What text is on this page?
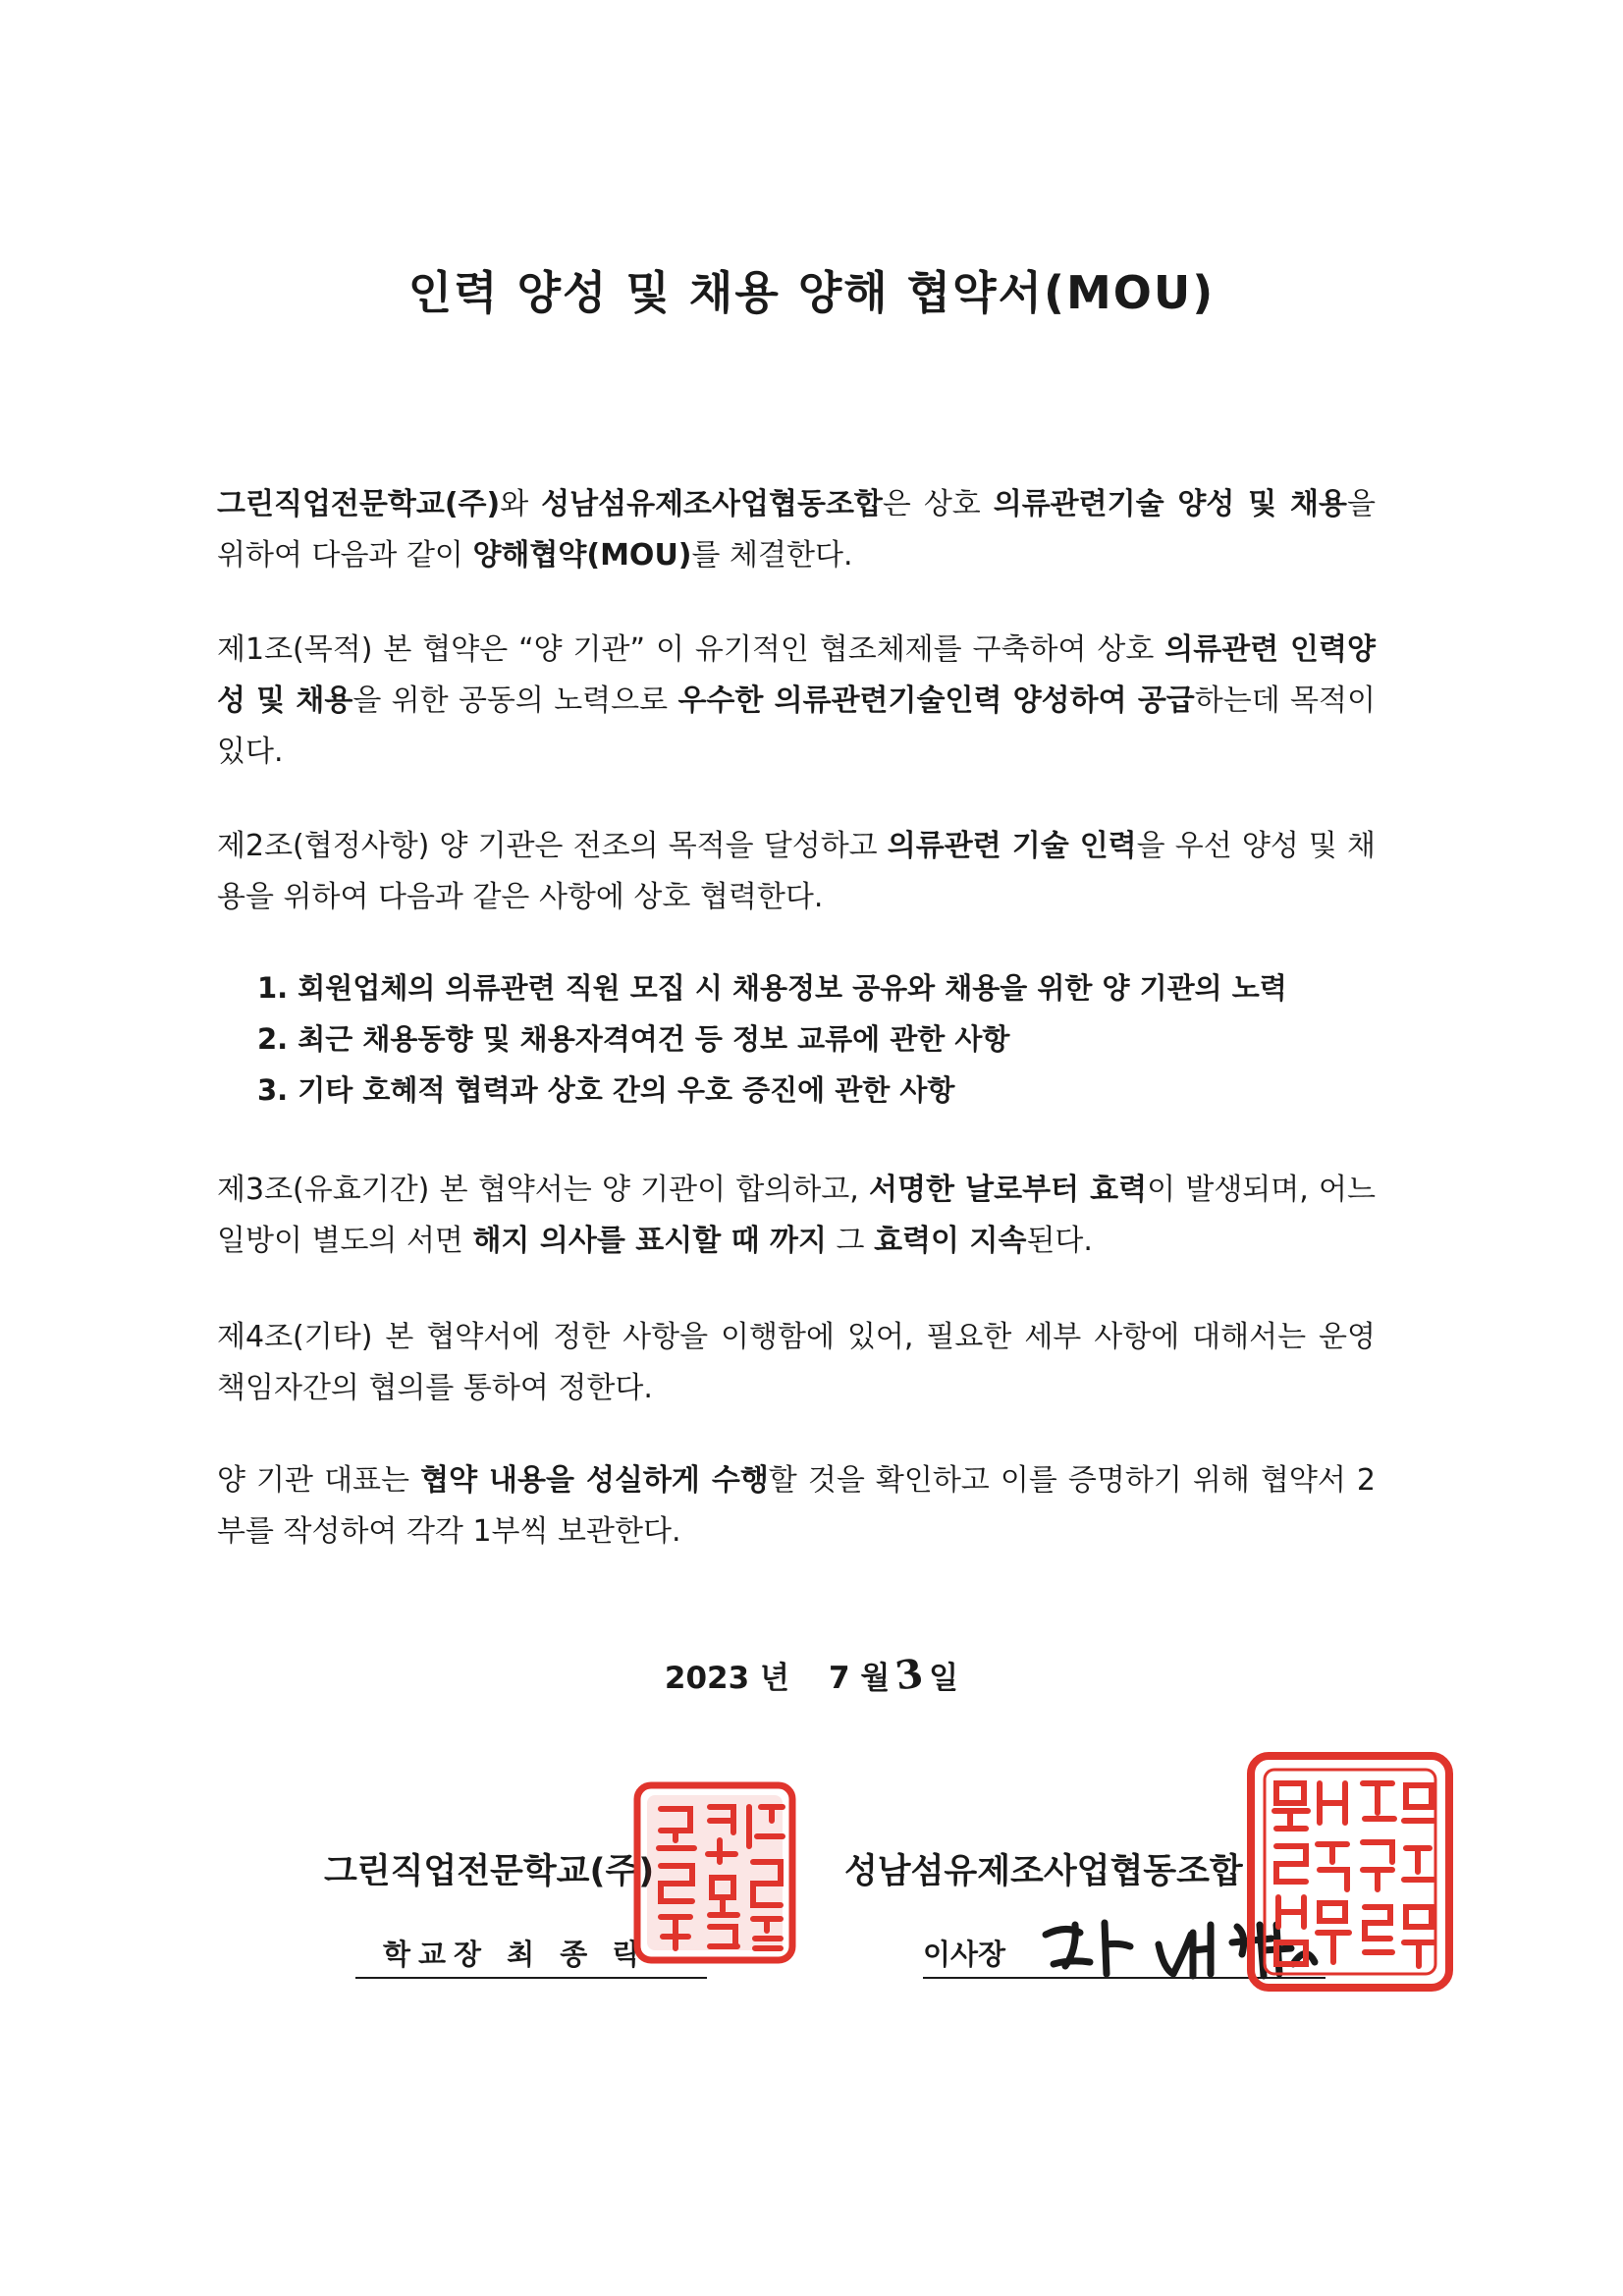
인력 양성 및 채용 양해 협약서(MOU)

그린직업전문학교(주)와 성남섬유제조사업협동조합은 상호 의류관련기술 양성 및 채용을 위하여 다음과 같이 양해협약(MOU)를 체결한다.

제1조(목적) 본 협약은 “양 기관” 이 유기적인 협조체제를 구축하여 상호 의류관련 인력양성 및 채용을 위한 공동의 노력으로 우수한 의류관련기술인력 양성하여 공급하는데 목적이 있다.

제2조(협정사항) 양 기관은 전조의 목적을 달성하고 의류관련 기술 인력을 우선 양성 및 채용을 위하여 다음과 같은 사항에 상호 협력한다.

1. 회원업체의 의류관련 직원 모집 시 채용정보 공유와 채용을 위한 양 기관의 노력
2. 최근 채용동향 및 채용자격여건 등 정보 교류에 관한 사항
3. 기타 호혜적 협력과 상호 간의 우호 증진에 관한 사항

제3조(유효기간) 본 협약서는 양 기관이 합의하고, 서명한 날로부터 효력이 발생되며, 어느 일방이 별도의 서면 해지 의사를 표시할 때 까지 그 효력이 지속된다.

제4조(기타) 본 협약서에 정한 사항을 이행함에 있어, 필요한 세부 사항에 대해서는 운영 책임자간의 협의를 통하여 정한다.

양 기관 대표는 협약 내용을 성실하게 수행할 것을 확인하고 이를 증명하기 위해 협약서 2부를 작성하여 각각 1부씩 보관한다.

2023 년 7 월3일

그린직업전문학교(주)

학교장 최 종 락

성남섬유제조사업협동조합

이사장
